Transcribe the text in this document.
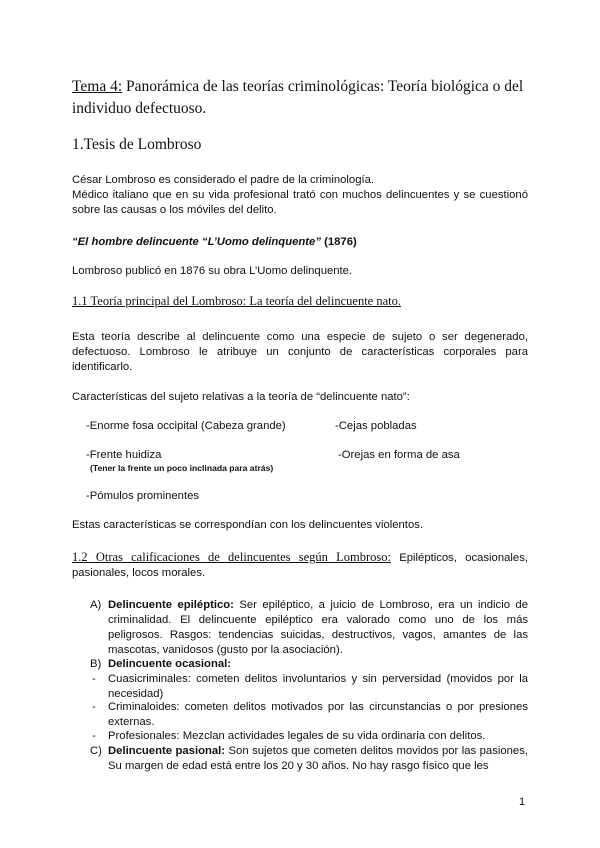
Tema 4: Panorámica de las teorías criminológicas: Teoría biológica o del
individuo defectuoso.
1.Tesis de Lombroso
César Lombroso es considerado el padre de la criminología.
Médico italiano que en su vida profesional trató con muchos delincuentes y se cuestionó sobre las causas o los móviles del delito.
“El hombre delincuente “L’Uomo delinquente” (1876)
Lombroso publicó en 1876 su obra L’Uomo delinquente.
1.1 Teoría principal del Lombroso: La teoría del delincuente nato.
Esta teoría describe al delincuente como una especie de sujeto o ser degenerado, defectuoso. Lombroso le atribuye un conjunto de características corporales para identificarlo.
Características del sujeto relativas a la teoría de “delincuente nato”:
-Enorme fosa occipital (Cabeza grande)	-Cejas pobladas
-Frente huidiza	-Orejas en forma de asa
(Tener la frente un poco inclinada para atrás)
-Pómulos prominentes
Estas características se correspondían con los delincuentes violentos.
1.2 Otras calificaciones de delincuentes según Lombroso: Epilépticos, ocasionales, pasionales, locos morales.
A) Delincuente epiléptico: Ser epiléptico, a juicio de Lombroso, era un indicio de criminalidad. El delincuente epiléptico era valorado como uno de los más peligrosos. Rasgos: tendencias suicidas, destructivos, vagos, amantes de las mascotas, vanidosos (gusto por la asociación).
B) Delincuente ocasional:
- Cuasicriminales: cometen delitos involuntarios y sin perversidad (movidos por la necesidad)
- Criminaloides: cometen delitos motivados por las circunstancias o por presiones externas.
- Profesionales: Mezclan actividades legales de su vida ordinaria con delitos.
C) Delincuente pasional: Son sujetos que cometen delitos movidos por las pasiones, Su margen de edad está entre los 20 y 30 años. No hay rasgo físico que les
1
